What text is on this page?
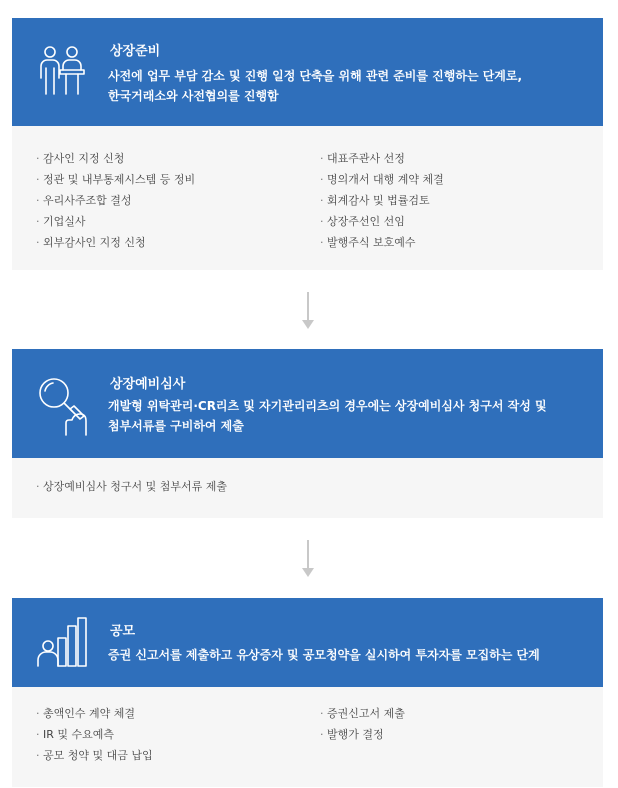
상장준비
사전에 업무 부담 감소 및 진행 일정 단축을 위해 관련 준비를 진행하는 단계로,
한국거래소와 사전협의를 진행함
· 감사인 지정 신청
· 정관 및 내부통제시스템 등 정비
· 우리사주조합 결성
· 기업실사
· 외부감사인 지정 신청
· 대표주관사 선정
· 명의개서 대행 계약 체결
· 회계감사 및 법률검토
· 상장주선인 선임
· 발행주식 보호예수
상장예비심사
개발형 위탁관리·CR리츠 및 자기관리리츠의 경우에는 상장예비심사 청구서 작성 및
첨부서류를 구비하여 제출
· 상장예비심사 청구서 및 첨부서류 제출
공모
증권 신고서를 제출하고 유상증자 및 공모청약을 실시하여 투자자를 모집하는 단계
· 총액인수 계약 체결
· IR 및 수요예측
· 공모 청약 및 대금 납입
· 증권신고서 제출
· 발행가 결정
